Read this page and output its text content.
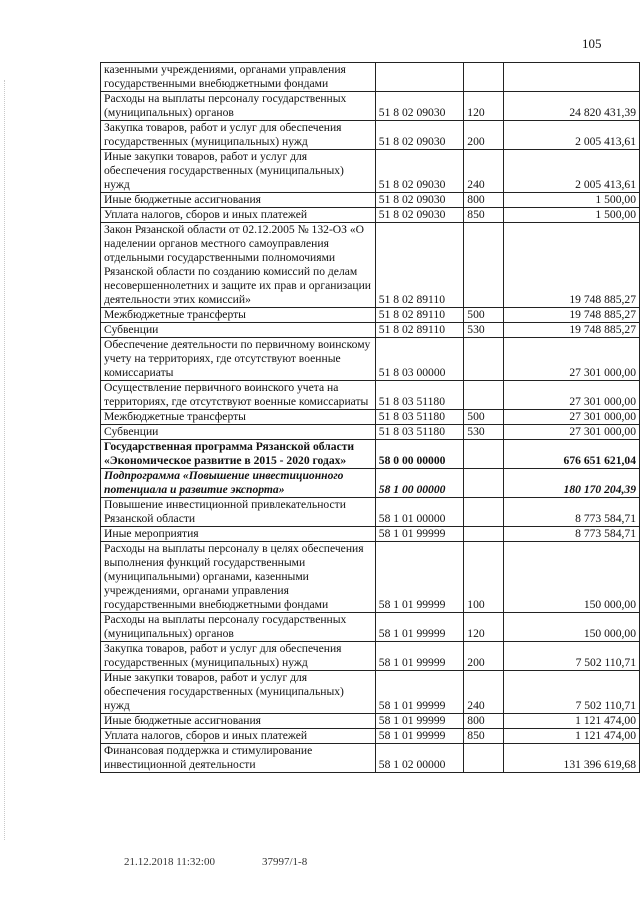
105
казенными учреждениями, органами управления государственными внебюджетными фондами			
Расходы на выплаты персоналу государственных (муниципальных) органов	51 8 02 09030	120	24 820 431,39
Закупка товаров, работ и услуг для обеспечения государственных (муниципальных) нужд	51 8 02 09030	200	2 005 413,61
Иные закупки товаров, работ и услуг для обеспечения государственных (муниципальных) нужд	51 8 02 09030	240	2 005 413,61
Иные бюджетные ассигнования	51 8 02 09030	800	1 500,00
Уплата налогов, сборов и иных платежей	51 8 02 09030	850	1 500,00
Закон Рязанской области от 02.12.2005 № 132-ОЗ «О наделении органов местного самоуправления отдельными государственными полномочиями Рязанской области по созданию комиссий по делам несовершеннолетних и защите их прав и организации деятельности этих комиссий»	51 8 02 89110		19 748 885,27
Межбюджетные трансферты	51 8 02 89110	500	19 748 885,27
Субвенции	51 8 02 89110	530	19 748 885,27
Обеспечение деятельности по первичному воинскому учету на территориях, где отсутствуют военные комиссариаты	51 8 03 00000		27 301 000,00
Осуществление первичного воинского учета на территориях, где отсутствуют военные комиссариаты	51 8 03 51180		27 301 000,00
Межбюджетные трансферты	51 8 03 51180	500	27 301 000,00
Субвенции	51 8 03 51180	530	27 301 000,00
Государственная программа Рязанской области «Экономическое развитие в 2015 - 2020 годах»	58 0 00 00000		676 651 621,04
Подпрограмма «Повышение инвестиционного потенциала и развитие экспорта»	58 1 00 00000		180 170 204,39
Повышение инвестиционной привлекательности Рязанской области	58 1 01 00000		8 773 584,71
Иные мероприятия	58 1 01 99999		8 773 584,71
Расходы на выплаты персоналу в целях обеспечения выполнения функций государственными (муниципальными) органами, казенными учреждениями, органами управления государственными внебюджетными фондами	58 1 01 99999	100	150 000,00
Расходы на выплаты персоналу государственных (муниципальных) органов	58 1 01 99999	120	150 000,00
Закупка товаров, работ и услуг для обеспечения государственных (муниципальных) нужд	58 1 01 99999	200	7 502 110,71
Иные закупки товаров, работ и услуг для обеспечения государственных (муниципальных) нужд	58 1 01 99999	240	7 502 110,71
Иные бюджетные ассигнования	58 1 01 99999	800	1 121 474,00
Уплата налогов, сборов и иных платежей	58 1 01 99999	850	1 121 474,00
Финансовая поддержка и стимулирование инвестиционной деятельности	58 1 02 00000		131 396 619,68
21.12.2018 11:32:00	37997/1-8
